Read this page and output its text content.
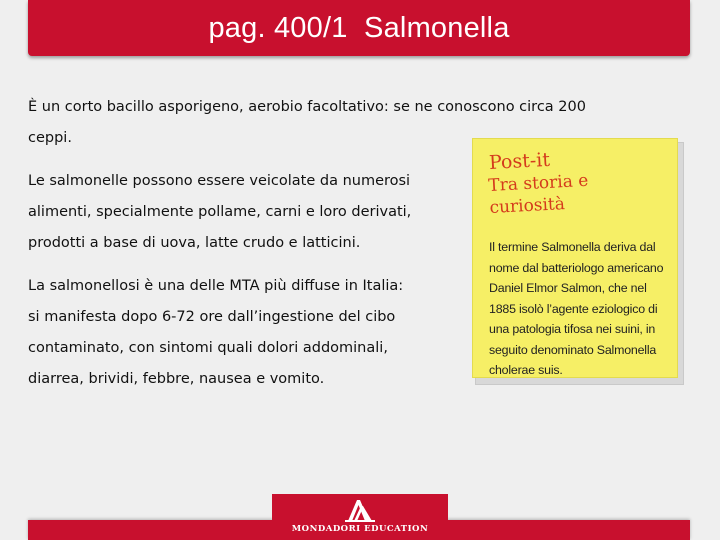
pag. 400/1  Salmonella

È un corto bacillo asporigeno, aerobio facoltativo: se ne conoscono circa 200
ceppi.

Le salmonelle possono essere veicolate da numerosi
alimenti, specialmente pollame, carni e loro derivati,
prodotti a base di uova, latte crudo e latticini.

La salmonellosi è una delle MTA più diffuse in Italia:
si manifesta dopo 6-72 ore dall’ingestione del cibo
contaminato, con sintomi quali dolori addominali,
diarrea, brividi, febbre, nausea e vomito.

Post-it
Tra storia e curiosità
Il termine Salmonella deriva dal
nome dal batteriologo americano
Daniel Elmor Salmon, che nel
1885 isolò l’agente eziologico di
una patologia tifosa nei suini, in
seguito denominato Salmonella
cholerae suis.
MONDADORI EDUCATION
